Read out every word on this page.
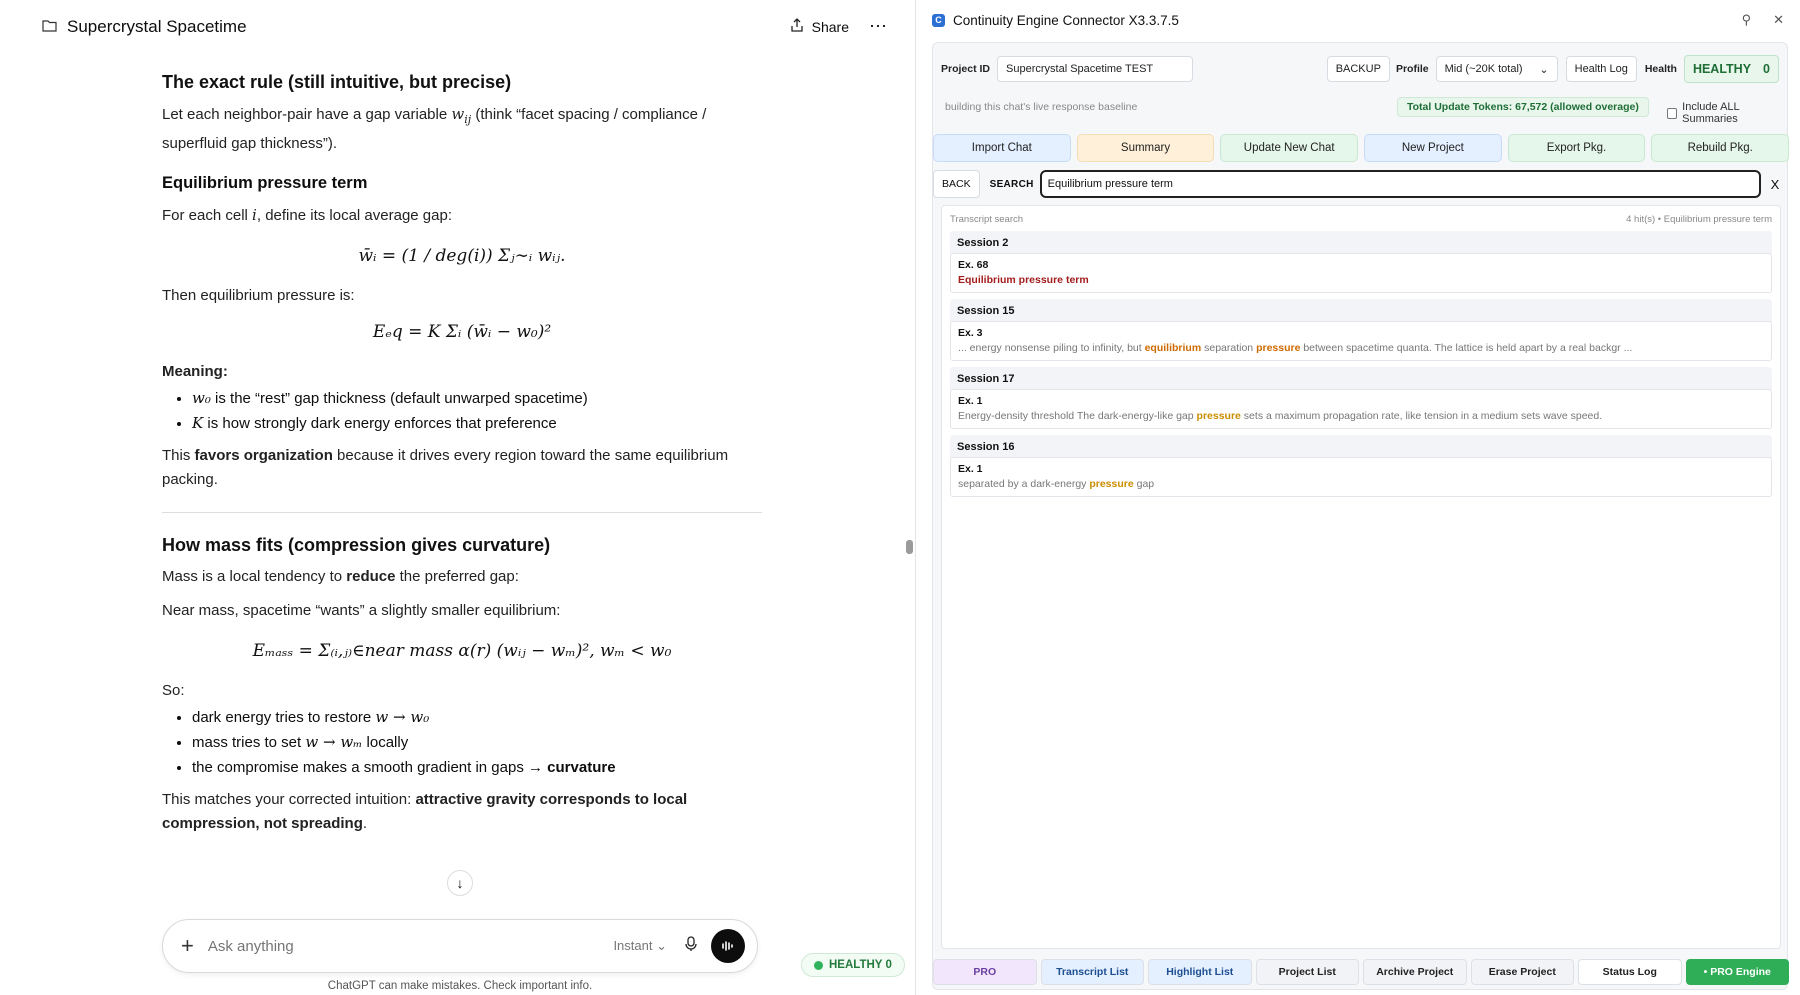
Supercrystal Spacetime	Share ⋯
The exact rule (still intuitive, but precise)

Let each neighbor-pair have a gap variable $w_{ij}$ (think “facet spacing / compliance / superfluid gap thickness”).

Equilibrium pressure term

For each cell i, define its local average gap:

w̄ᵢ = (1 / deg(i)) Σⱼ∼ᵢ wᵢⱼ.

Then equilibrium pressure is:

Eₑq = K Σᵢ (w̄ᵢ − w₀)²

Meaning:

• w₀ is the “rest” gap thickness (default unwarped spacetime)
• K is how strongly dark energy enforces that preference

This favors organization because it drives every region toward the same equilibrium packing.

How mass fits (compression gives curvature)

Mass is a local tendency to reduce the preferred gap:

Near mass, spacetime “wants” a slightly smaller equilibrium:

Eₘₐₛₛ = Σ₍ᵢ,ⱼ₎∈near mass α(r) (wᵢⱼ − wₘ)², wₘ < w₀

So:

• dark energy tries to restore w → w₀
• mass tries to set w → wₘ locally
• the compromise makes a smooth gradient in gaps → curvature

This matches your corrected intuition: attractive gravity corresponds to local compression, not spreading.

↓
+
Ask anything	Instant ⌄
ChatGPT can make mistakes. Check important info.
HEALTHY 0
C Continuity Engine Connector X3.3.7.5	⚲ ✕
Project ID	Supercrystal Spacetime TEST	BACKUP	Profile Mid (~20K total) ⌄	Health Log	Health HEALTHY 0
building this chat's live response baseline	Total Update Tokens: 67,572 (allowed overage)	Include ALL Summaries
Import Chat	Summary	Update New Chat	New Project	Export Pkg.	Rebuild Pkg.
BACK	SEARCH
Equilibrium pressure term	X
Transcript search	4 hit(s) • Equilibrium pressure term
Session 2
Ex. 68
Equilibrium pressure term
Session 15
Ex. 3
... energy nonsense piling to infinity, but equilibrium separation pressure between spacetime quanta. The lattice is held apart by a real backgr ...
Session 17
Ex. 1
Energy-density threshold The dark-energy-like gap pressure sets a maximum propagation rate, like tension in a medium sets wave speed.
Session 16
Ex. 1
separated by a dark-energy pressure gap
PRO	Transcript List	Highlight List	Project List	Archive Project	Erase Project	Status Log	• PRO Engine
